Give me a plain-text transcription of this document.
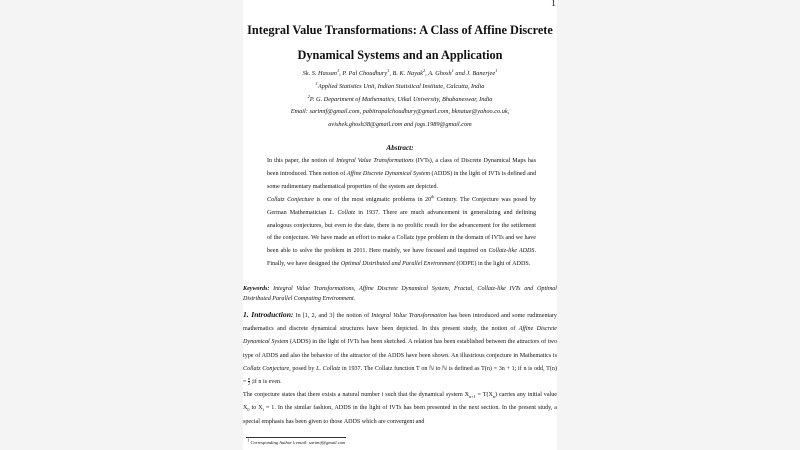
1
Integral Value Transformations: A Class of Affine Discrete
Dynamical Systems and an Application
Sk. S. Hassan$^1$, P. Pal Choudhury$^1$, B. K. Nayak$^2$, A. Ghosh$^1$ and J. Banerjee$^1$
$^1$Applied Statistics Unit, Indian Statistical Institute, Calcutta, India
$^2$P. G. Department of Mathematics, Utkal University, Bhubaneswar, India
Email: sarimif@gmail.com, pabitrapalchoudhury@gmail.com, bknatue@yahoo.co.uk,
avishek.ghosh38@gmail.com and jogs.1989@gmail.com
Abstract:

In this paper, the notion of Integral Value Transformations (IVTs), a class of Discrete Dynamical Maps has been introduced. Then notion of Affine Discrete Dynamical System (ADDS) in the light of IVTs is defined and some rudimentary mathematical properties of the system are depicted.

Collatz Conjecture is one of the most enigmatic problems in 20th Century. The Conjecture was posed by German Mathematician L. Collatz in 1937. There are much advancement in generalizing and defining analogous conjectures, but even to the date, there is no prolific result for the advancement for the settlement of the conjecture. We have made an effort to make a Collatz type problem in the domain of IVTs and we have been able to solve the problem in 2011. Here mainly, we have focused and inquired on Collatz-like ADDS. Finally, we have designed the Optimal Distributed and Parallel Environment (ODPE) in the light of ADDS.

Keywords: Integral Value Transformations, Affine Discrete Dynamical System, Fractal, Collatz-like IVTs and Optimal Distributed Parallel Computing Environment.

1. Introduction: In [1, 2, and 3] the notion of Integral Value Transformation has been introduced and some rudimentary mathematics and discrete dynamical structures have been depicted. In this present study, the notion of Affine Discrete Dynamical System (ADDS) in the light of IVTs has been sketched. A relation has been established between the attractors of two type of ADDS and also the behavior of the attractor of the ADDS have been shown. An illustrious conjecture in Mathematics is Collatz Conjecture, posed by L. Collatz in 1937. The Collatz function T on ℕ to ℕ is defined as T(n) = 3n + 1; if n is odd, $T(n) = \frac{n}{2}$ ;if n is even.

The conjecture states that there exists a natural number i such that the dynamical system $X_{n+1} = T(X_n)$ carries any initial value $X_0$ to $X_i = 1$. In the similar fashion, ADDS in the light of IVTs has been presented in the next section. In the present study, a special emphasis has been given to those ADDS which are convergent and

$^1$ Corresponding Author’s email: sarimif@gmail.com
